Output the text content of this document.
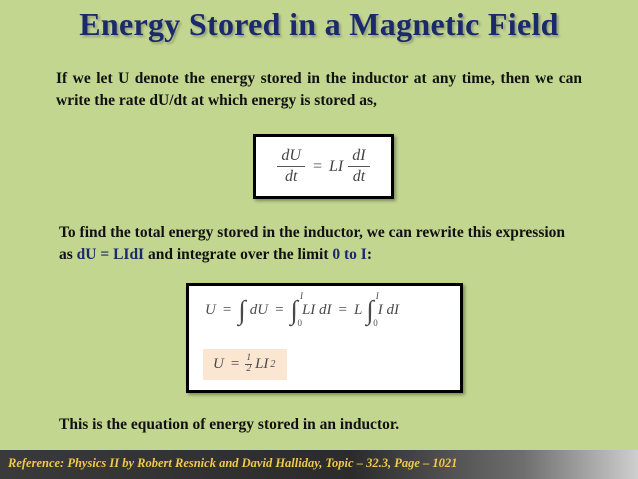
Energy Stored in a Magnetic Field
If we let U denote the energy stored in the inductor at any time, then we can write the rate dU/dt at which energy is stored as,
$\frac{dU}{dt}$ = LI $\frac{dI}{dt}$
To find the total energy stored in the inductor, we can rewrite this expression as dU = LIdI and integrate over the limit 0 to I:
U = ∫ dU = ∫ I
0
LI dI = L ∫ I
0
I dI
$U = \frac{1}{2}$ LI 2
This is the equation of energy stored in an inductor.
Reference: Physics II by Robert Resnick and David Halliday, Topic – 32.3, Page – 1021
